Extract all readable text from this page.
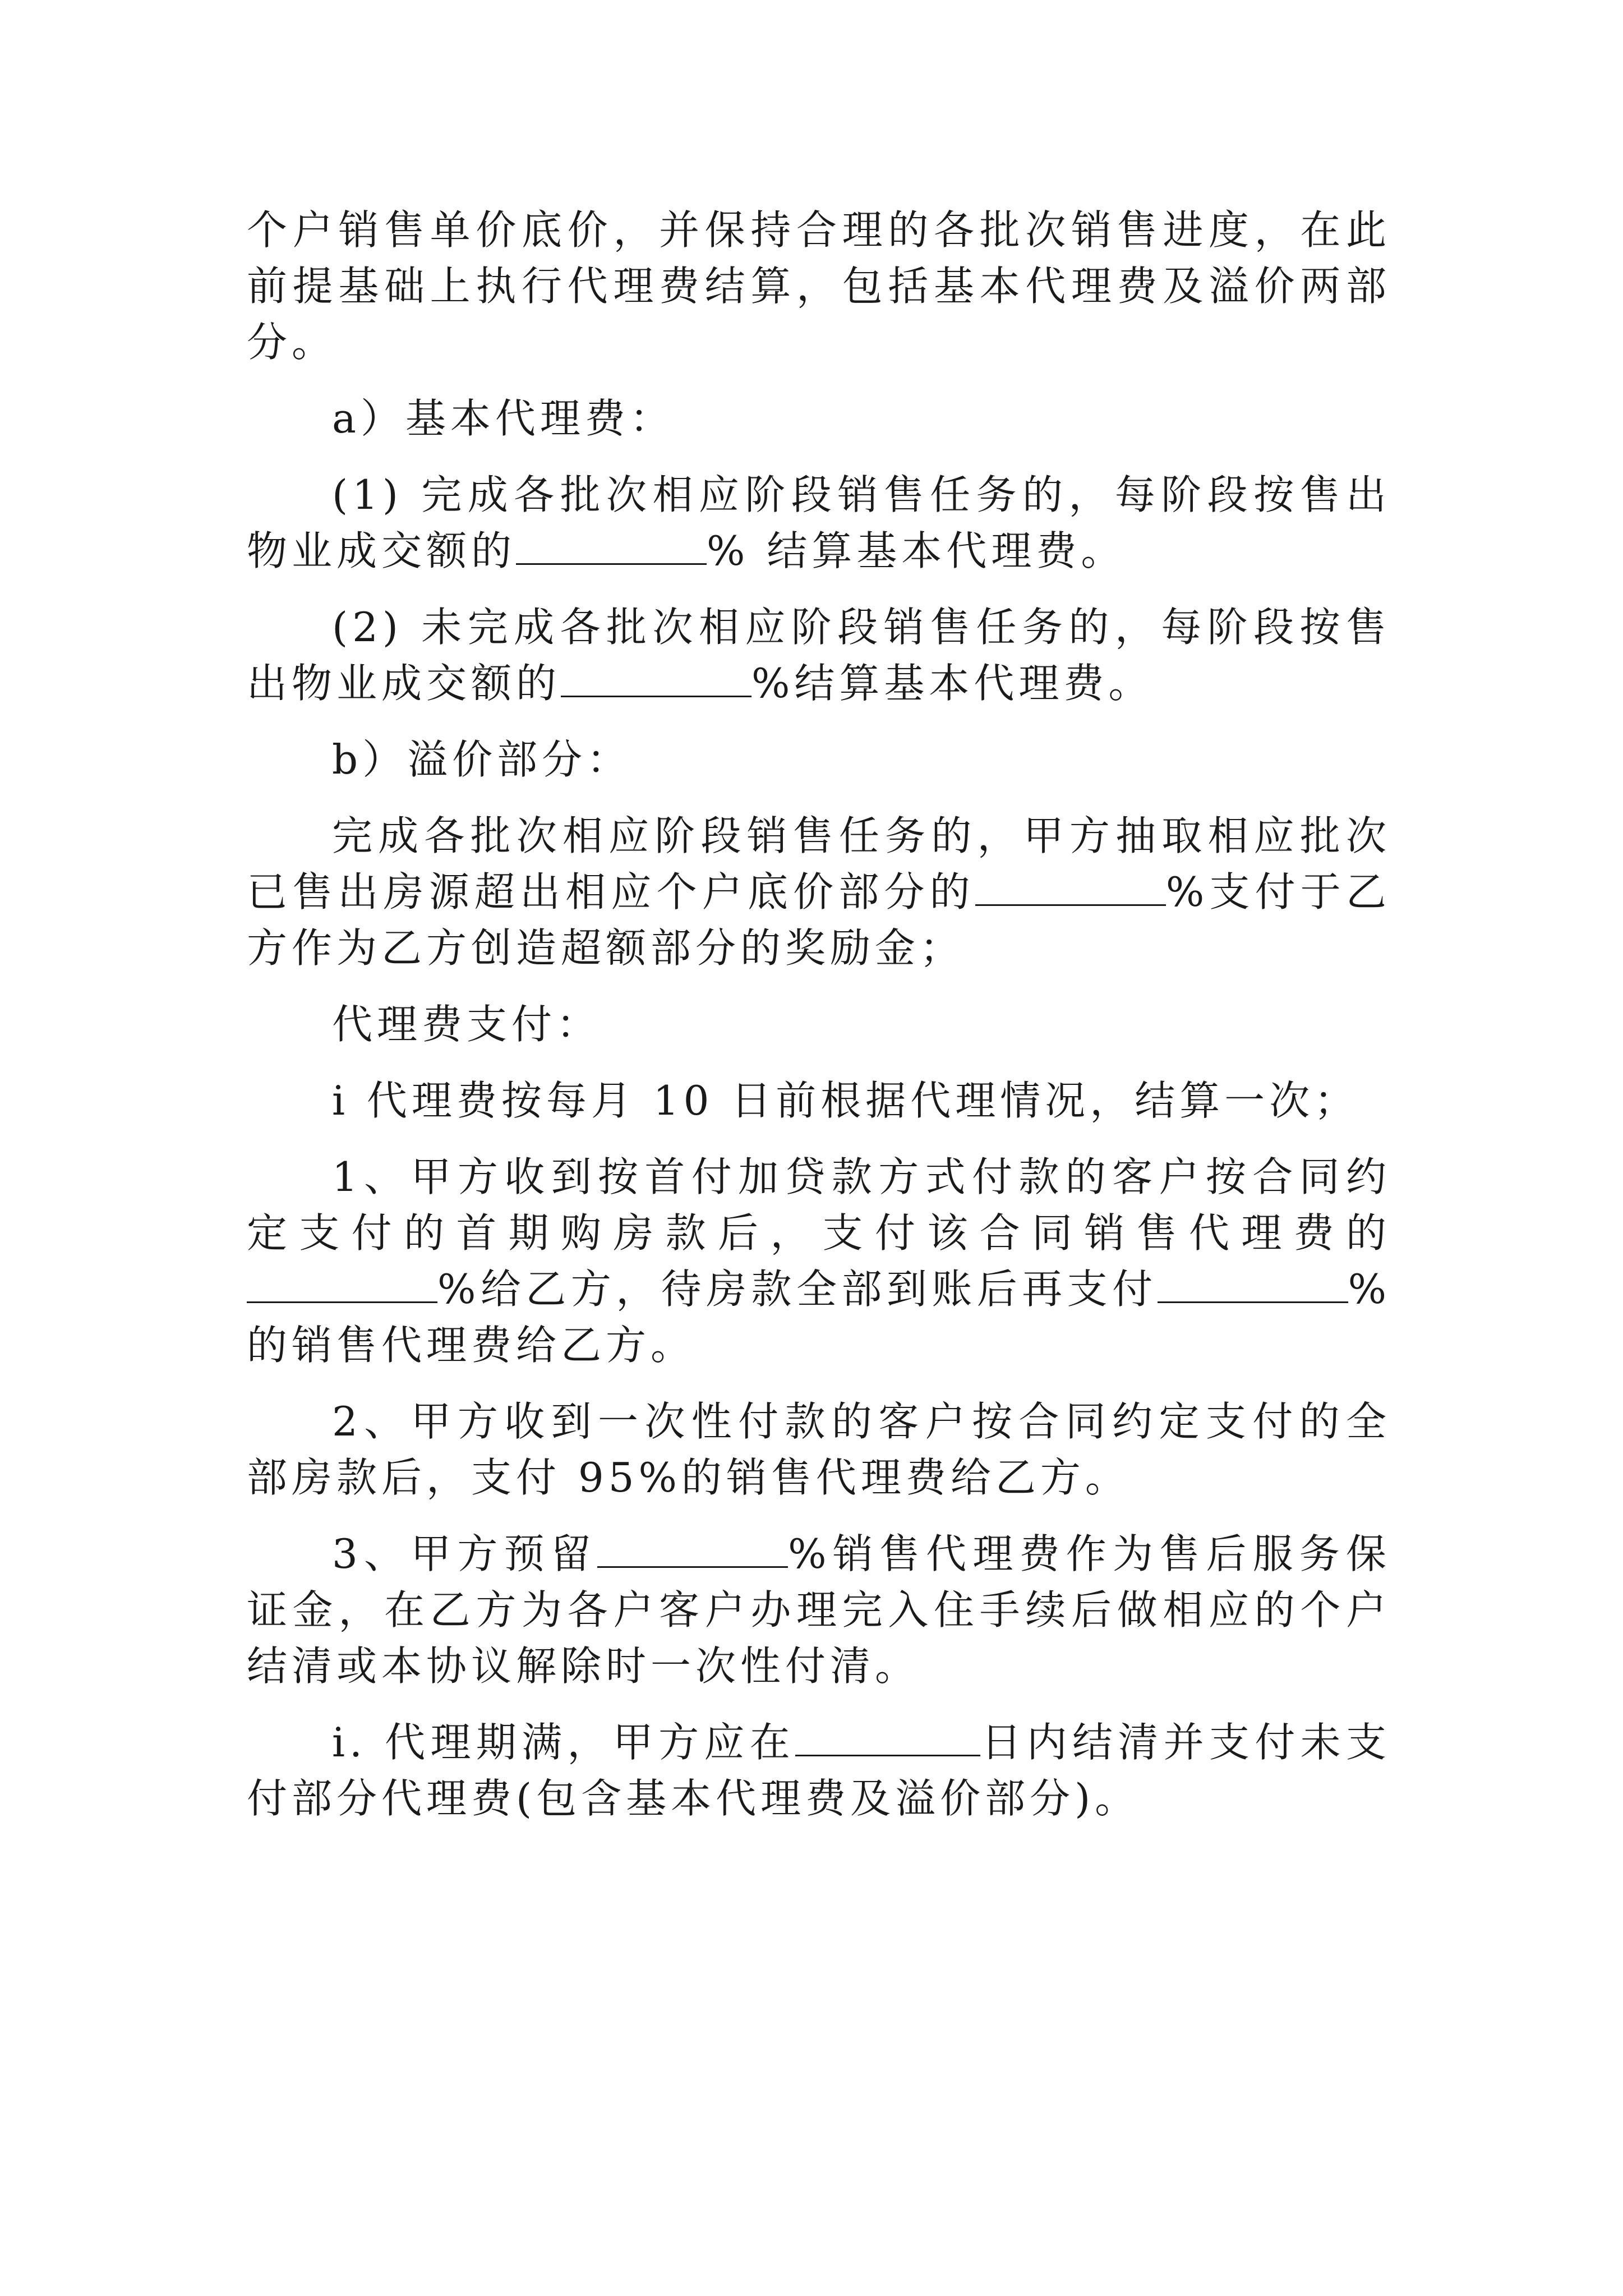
个户销售单价底价，并保持合理的各批次销售进度，在此前提基础上执行代理费结算，包括基本代理费及溢价两部分。

a）基本代理费：

(1) 完成各批次相应阶段销售任务的，每阶段按售出物业成交额的	% 结算基本代理费。

(2) 未完成各批次相应阶段销售任务的，每阶段按售出物业成交额的	%结算基本代理费。

b）溢价部分：

完成各批次相应阶段销售任务的，甲方抽取相应批次已售出房源超出相应个户底价部分的	%支付于乙方作为乙方创造超额部分的奖励金；

代理费支付：

i 代理费按每月 10 日前根据代理情况，结算一次；

1、甲方收到按首付加贷款方式付款的客户按合同约定支付的首期购房款后，支付该合同销售代理费的%给乙方，待房款全部到账后再支付	%的销售代理费给乙方。

2、甲方收到一次性付款的客户按合同约定支付的全部房款后，支付 95%的销售代理费给乙方。

3、甲方预留	%销售代理费作为售后服务保证金，在乙方为各户客户办理完入住手续后做相应的个户结清或本协议解除时一次性付清。

i. 代理期满，甲方应在	日内结清并支付未支付部分代理费(包含基本代理费及溢价部分)。
